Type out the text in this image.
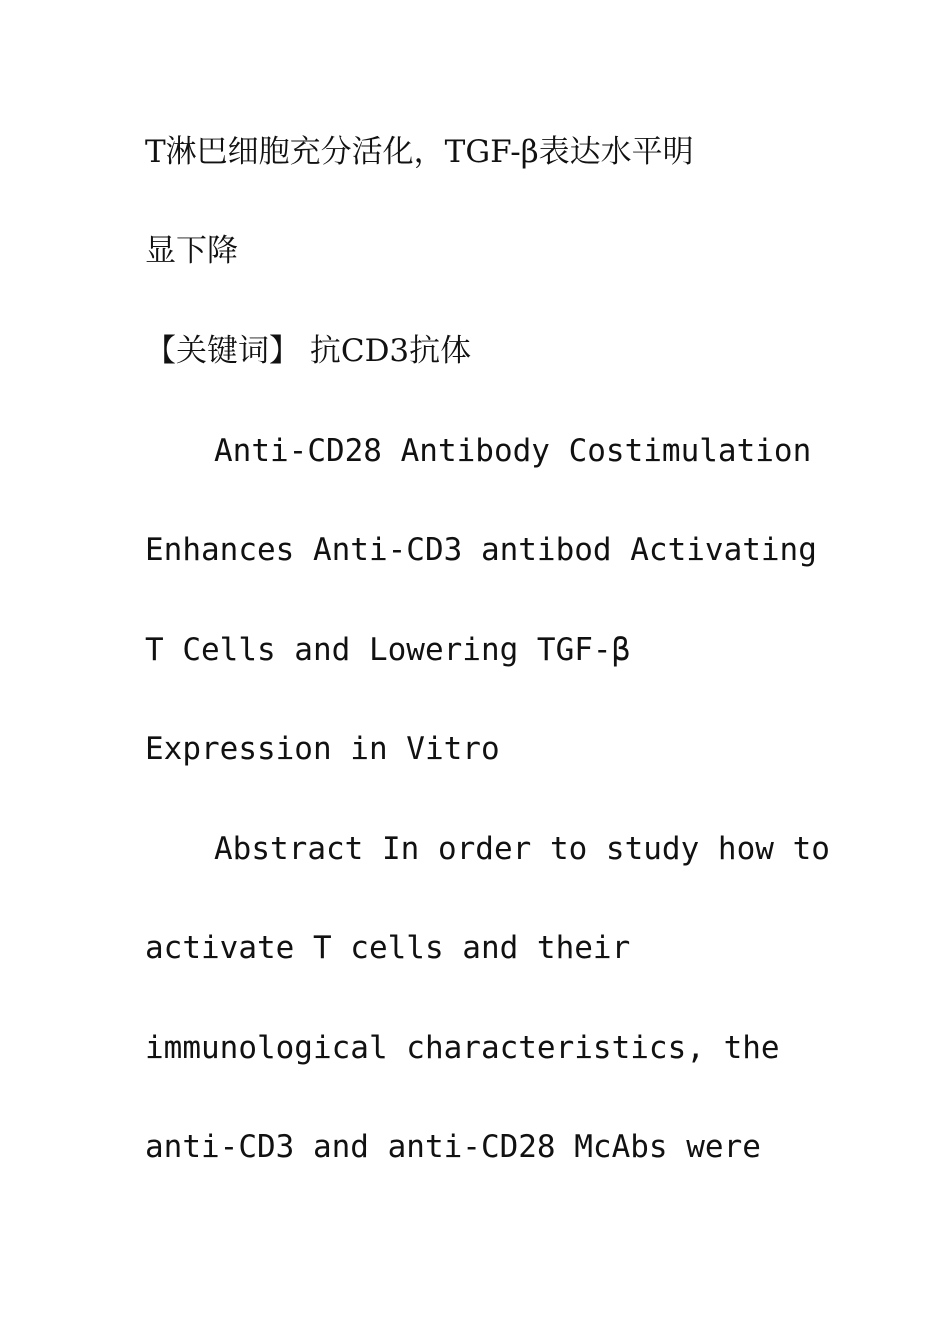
T淋巴细胞充分活化，TGF-β表达水平明
显下降
【关键词】 抗CD3抗体
Anti-CD28 Antibody Costimulation
Enhances Anti-CD3 antibod Activating
T Cells and Lowering TGF-β
Expression in Vitro
Abstract In order to study how to
activate T cells and their
immunological characteristics, the
anti-CD3 and anti-CD28 McAbs were
